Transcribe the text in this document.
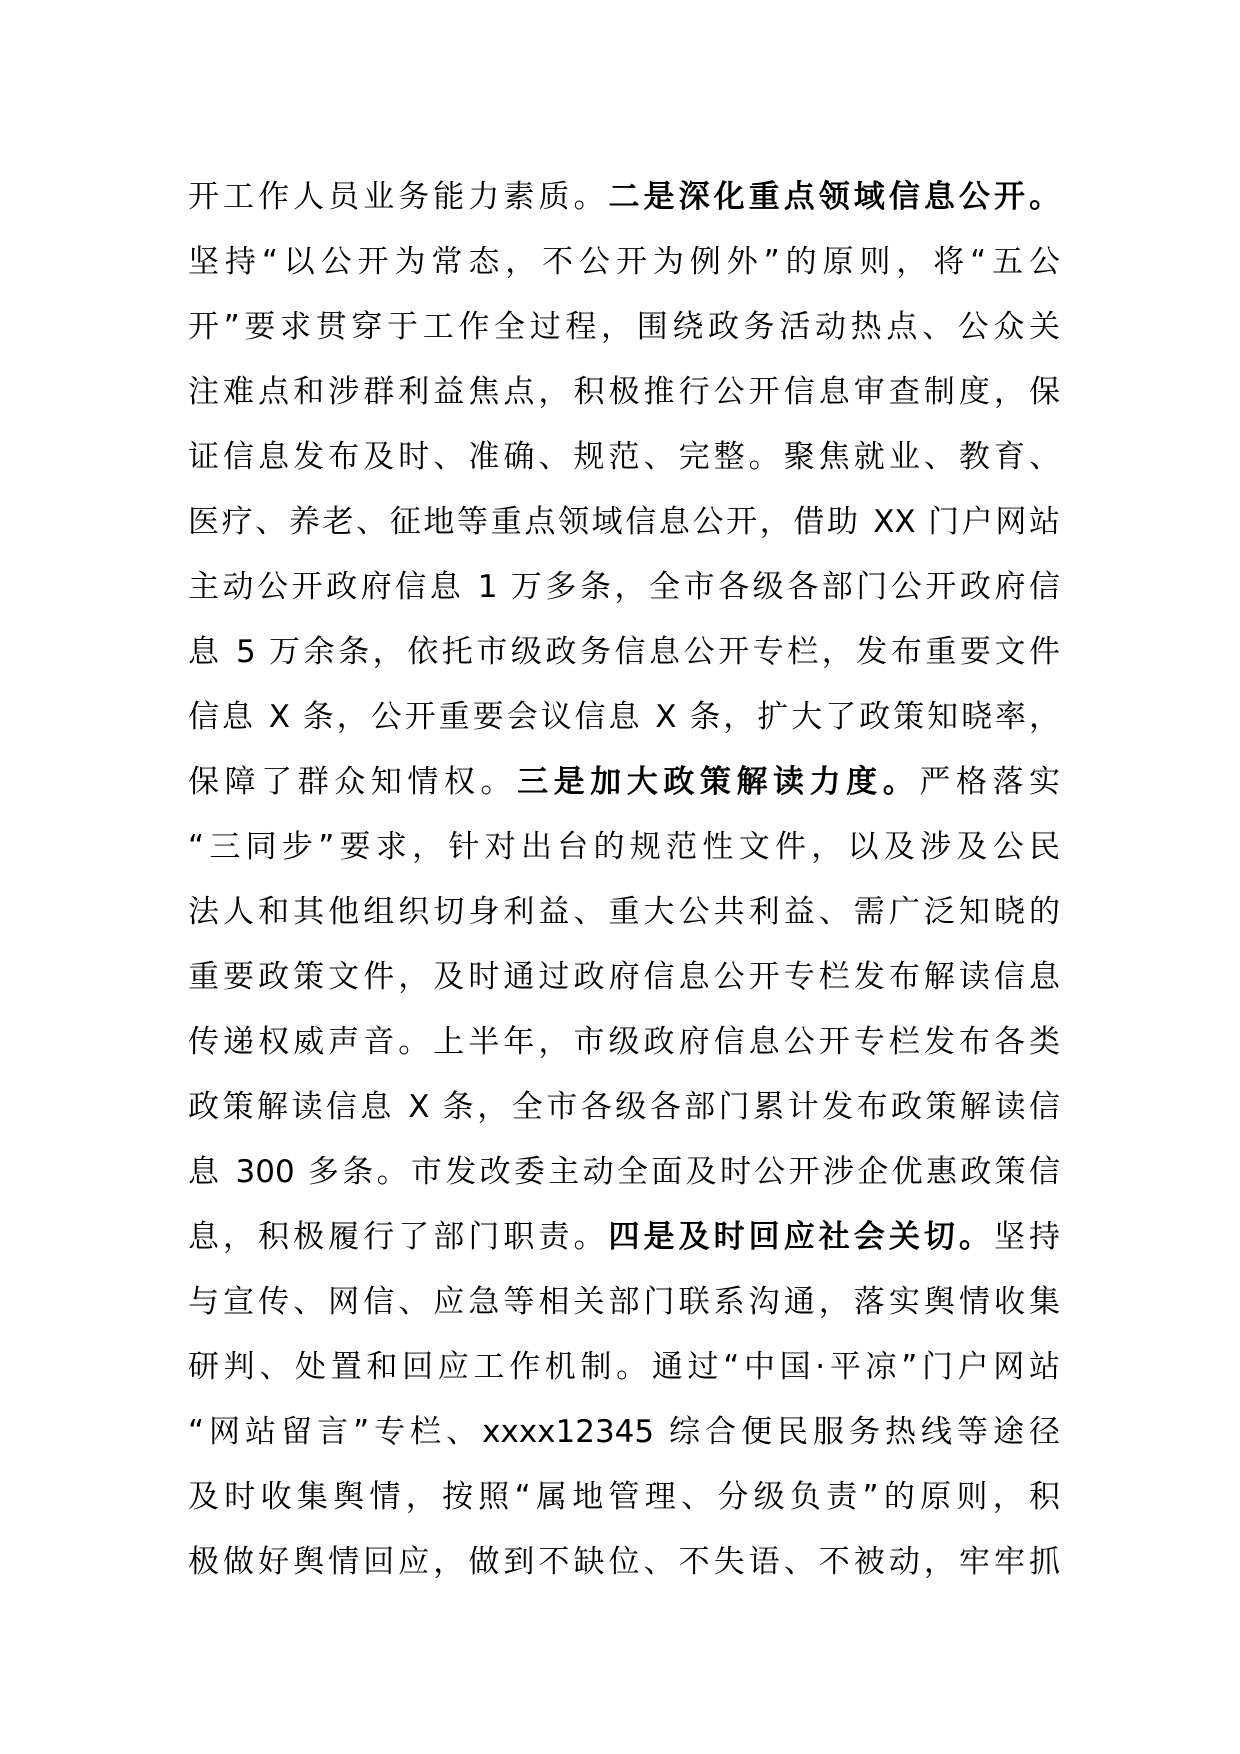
开工作人员业务能力素质。二是深化重点领域信息公开。
坚持“以公开为常态，不公开为例外”的原则，将“五公
开”要求贯穿于工作全过程，围绕政务活动热点、公众关
注难点和涉群利益焦点，积极推行公开信息审查制度，保
证信息发布及时、准确、规范、完整。聚焦就业、教育、
医疗、养老、征地等重点领域信息公开，借助 XX 门户网站
主动公开政府信息 1 万多条，全市各级各部门公开政府信
息 5 万余条，依托市级政务信息公开专栏，发布重要文件
信息 X 条，公开重要会议信息 X 条，扩大了政策知晓率，
保障了群众知情权。三是加大政策解读力度。严格落实
“三同步”要求，针对出台的规范性文件，以及涉及公民
法人和其他组织切身利益、重大公共利益、需广泛知晓的
重要政策文件，及时通过政府信息公开专栏发布解读信息
传递权威声音。上半年，市级政府信息公开专栏发布各类
政策解读信息 X 条，全市各级各部门累计发布政策解读信
息 300 多条。市发改委主动全面及时公开涉企优惠政策信
息，积极履行了部门职责。四是及时回应社会关切。坚持
与宣传、网信、应急等相关部门联系沟通，落实舆情收集
研判、处置和回应工作机制。通过“中国·平凉”门户网站
“网站留言”专栏、xxxx12345 综合便民服务热线等途径
及时收集舆情，按照“属地管理、分级负责”的原则，积
极做好舆情回应，做到不缺位、不失语、不被动，牢牢抓
